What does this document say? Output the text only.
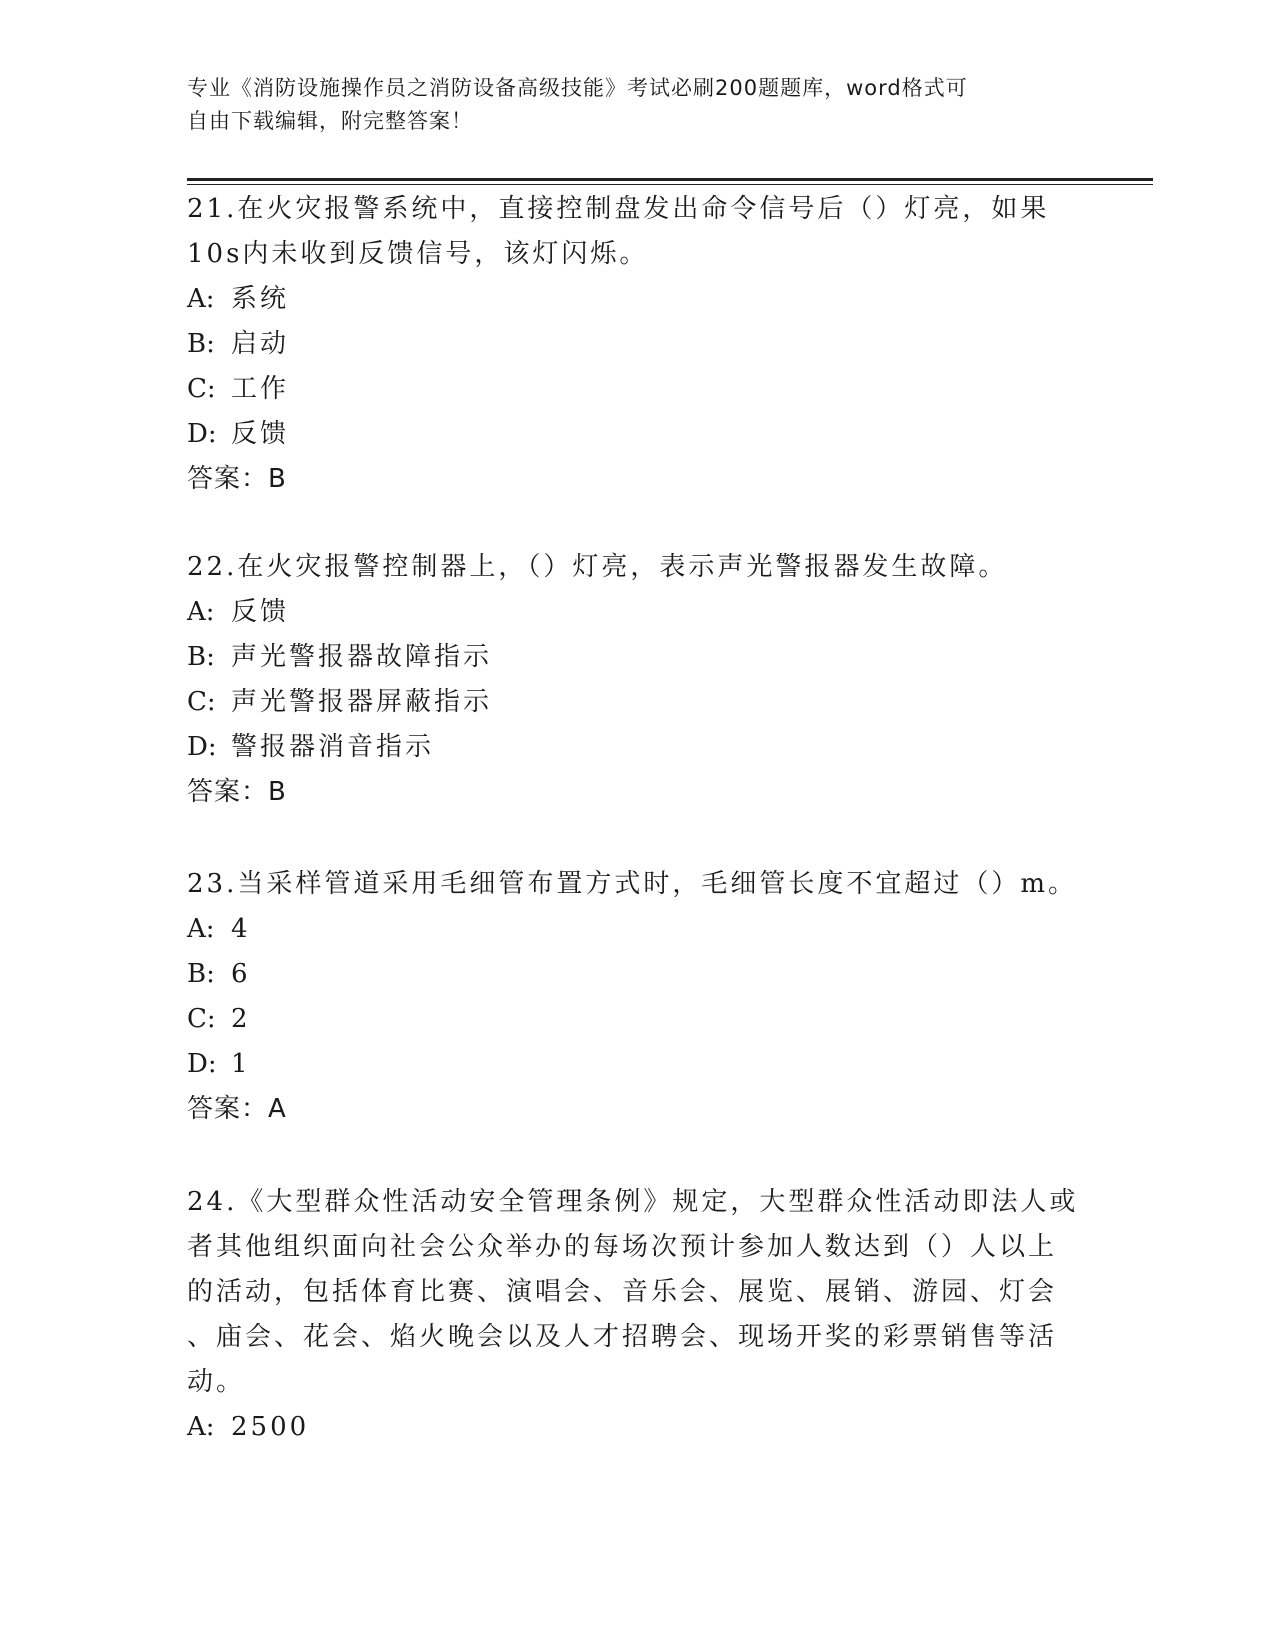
专业《消防设施操作员之消防设备高级技能》考试必刷200题题库，word格式可
自由下载编辑，附完整答案！
21.在火灾报警系统中，直接控制盘发出命令信号后（）灯亮，如果
10s内未收到反馈信号，该灯闪烁。
A: 系统
B: 启动
C: 工作
D: 反馈
答案：B
22.在火灾报警控制器上，（）灯亮，表示声光警报器发生故障。
A: 反馈
B: 声光警报器故障指示
C: 声光警报器屏蔽指示
D: 警报器消音指示
答案：B
23.当采样管道采用毛细管布置方式时，毛细管长度不宜超过（）m。
A: 4
B: 6
C: 2
D: 1
答案：A
24.《大型群众性活动安全管理条例》规定，大型群众性活动即法人或
者其他组织面向社会公众举办的每场次预计参加人数达到（）人以上
的活动，包括体育比赛、演唱会、音乐会、展览、展销、游园、灯会
、庙会、花会、焰火晚会以及人才招聘会、现场开奖的彩票销售等活
动。
A: 2500
